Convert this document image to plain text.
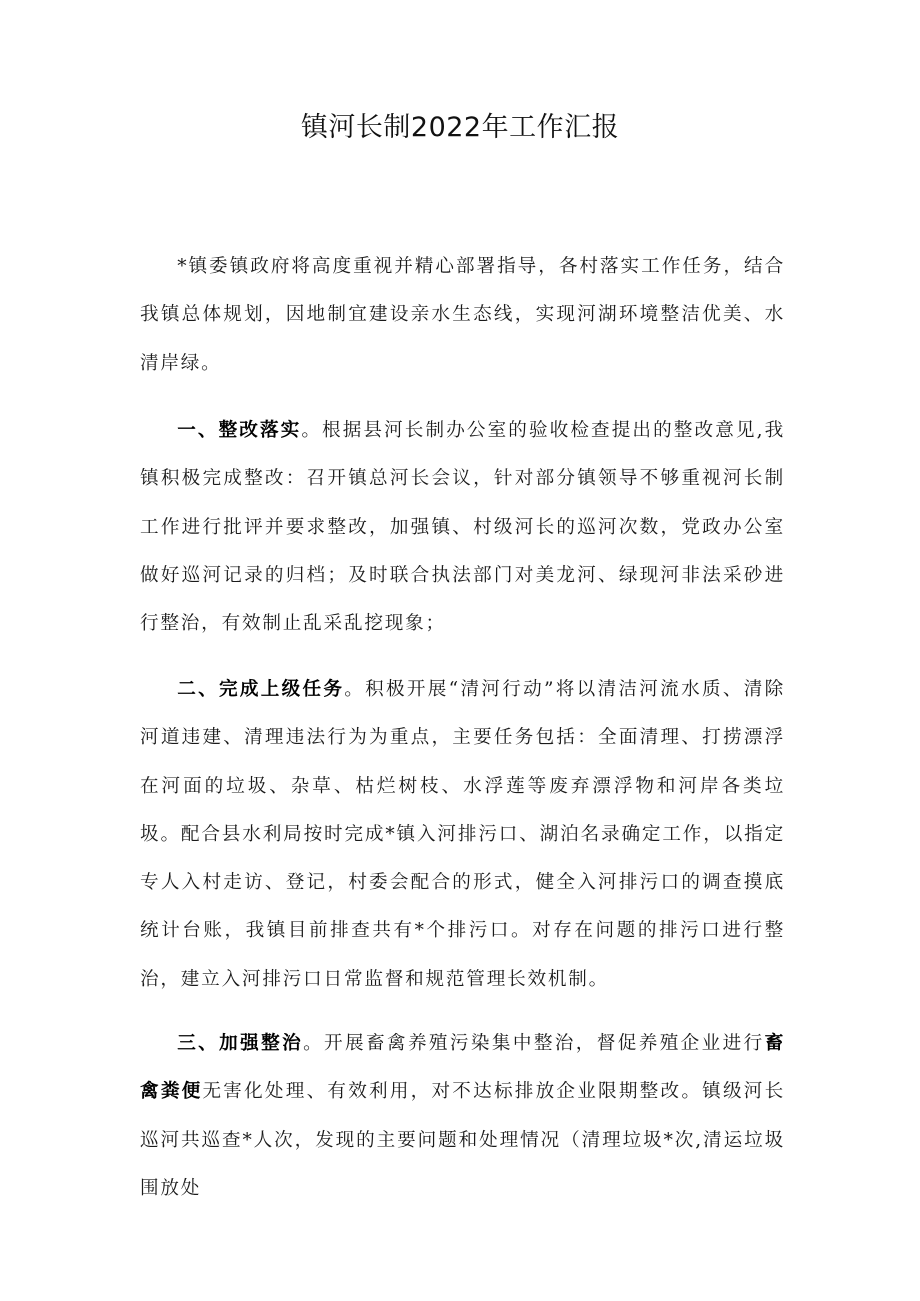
镇河长制2022年工作汇报

*镇委镇政府将高度重视并精心部署指导，各村落实工作任务，结合我镇总体规划，因地制宜建设亲水生态线，实现河湖环境整洁优美、水清岸绿。

一、整改落实。根据县河长制办公室的验收检查提出的整改意见,我镇积极完成整改：召开镇总河长会议，针对部分镇领导不够重视河长制工作进行批评并要求整改，加强镇、村级河长的巡河次数，党政办公室做好巡河记录的归档；及时联合执法部门对美龙河、绿现河非法采砂进行整治，有效制止乱采乱挖现象；

二、完成上级任务。积极开展“清河行动”将以清洁河流水质、清除河道违建、清理违法行为为重点，主要任务包括：全面清理、打捞漂浮在河面的垃圾、杂草、枯烂树枝、水浮莲等废弃漂浮物和河岸各类垃圾。配合县水利局按时完成*镇入河排污口、湖泊名录确定工作，以指定专人入村走访、登记，村委会配合的形式，健全入河排污口的调查摸底统计台账，我镇目前排查共有*个排污口。对存在问题的排污口进行整治，建立入河排污口日常监督和规范管理长效机制。

三、加强整治。开展畜禽养殖污染集中整治，督促养殖企业进行畜禽粪便无害化处理、有效利用，对不达标排放企业限期整改。镇级河长巡河共巡查*人次，发现的主要问题和处理情况（清理垃圾*次,清运垃圾围放处
